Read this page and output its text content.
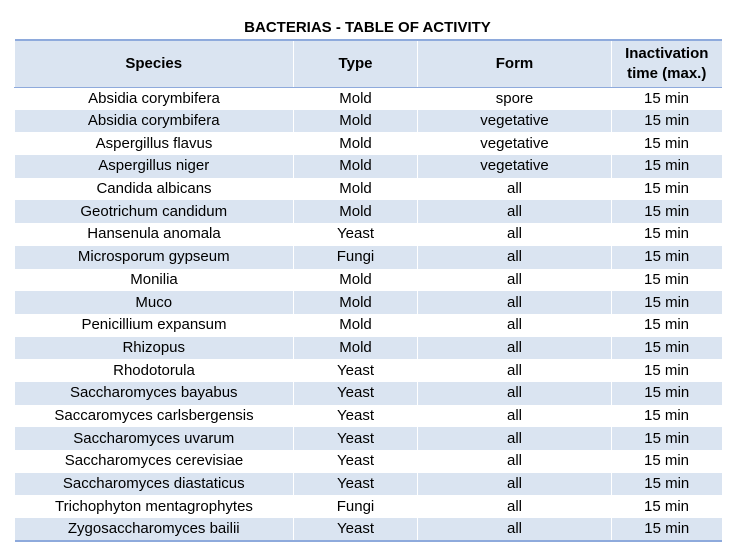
BACTERIAS - TABLE OF ACTIVITY
Species	Type	Form	Inactivation time (max.)
Absidia corymbifera	Mold	spore	15 min
Absidia corymbifera	Mold	vegetative	15 min
Aspergillus flavus	Mold	vegetative	15 min
Aspergillus niger	Mold	vegetative	15 min
Candida albicans	Mold	all	15 min
Geotrichum candidum	Mold	all	15 min
Hansenula anomala	Yeast	all	15 min
Microsporum gypseum	Fungi	all	15 min
Monilia	Mold	all	15 min
Muco	Mold	all	15 min
Penicillium expansum	Mold	all	15 min
Rhizopus	Mold	all	15 min
Rhodotorula	Yeast	all	15 min
Saccharomyces bayabus	Yeast	all	15 min
Saccaromyces carlsbergensis	Yeast	all	15 min
Saccharomyces uvarum	Yeast	all	15 min
Saccharomyces cerevisiae	Yeast	all	15 min
Saccharomyces diastaticus	Yeast	all	15 min
Trichophyton mentagrophytes	Fungi	all	15 min
Zygosaccharomyces bailii	Yeast	all	15 min
